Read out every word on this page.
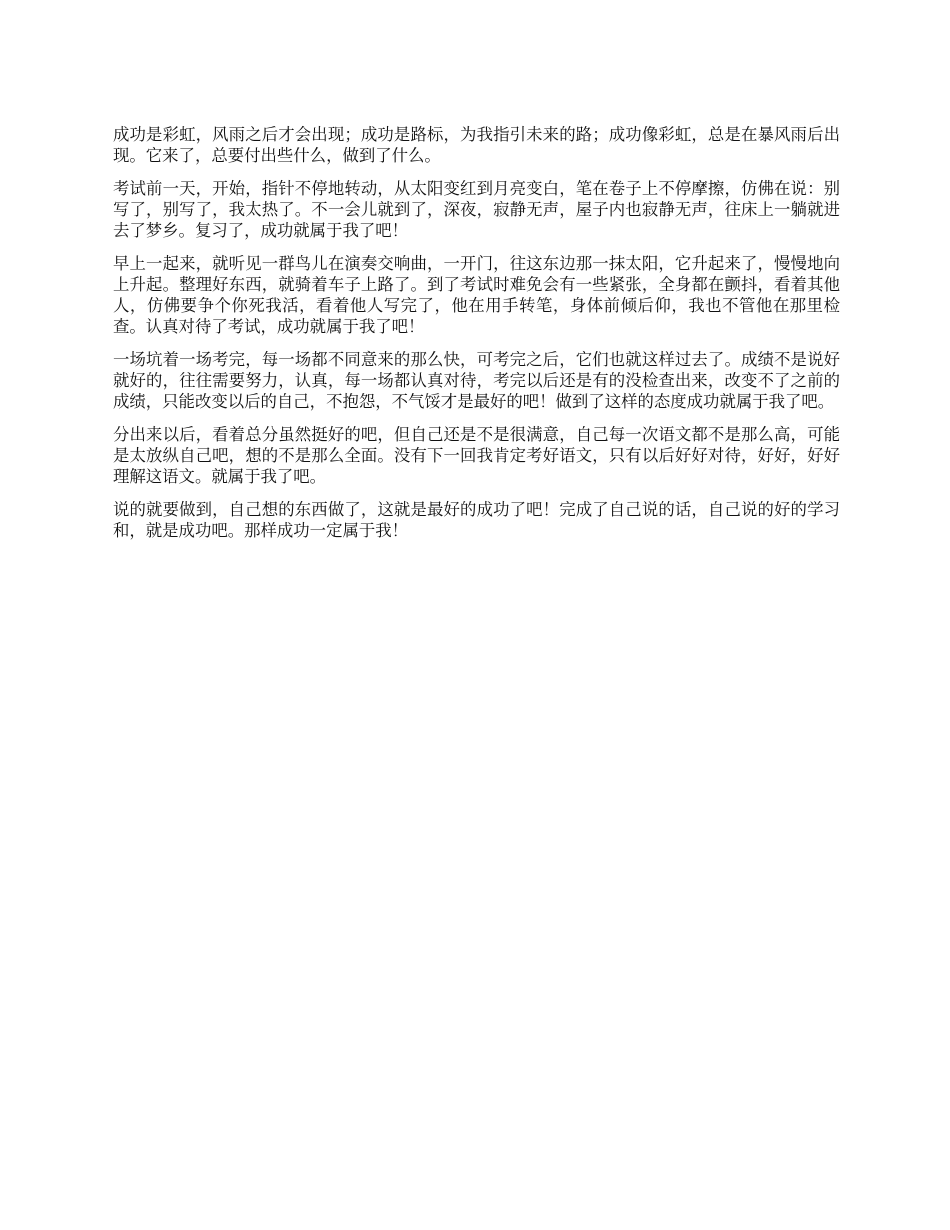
成功是彩虹，风雨之后才会出现；成功是路标，为我指引未来的路；成功像彩虹，总是在暴风雨后出现。它来了，总要付出些什么，做到了什么。

考试前一天，开始，指针不停地转动，从太阳变红到月亮变白，笔在卷子上不停摩擦，仿佛在说：别写了，别写了，我太热了。不一会儿就到了，深夜，寂静无声，屋子内也寂静无声，往床上一躺就进去了梦乡。复习了，成功就属于我了吧！

早上一起来，就听见一群鸟儿在演奏交响曲，一开门，往这东边那一抹太阳，它升起来了，慢慢地向上升起。整理好东西，就骑着车子上路了。到了考试时难免会有一些紧张，全身都在颤抖，看着其他人，仿佛要争个你死我活，看着他人写完了，他在用手转笔，身体前倾后仰，我也不管他在那里检查。认真对待了考试，成功就属于我了吧！

一场坑着一场考完，每一场都不同意来的那么快，可考完之后，它们也就这样过去了。成绩不是说好就好的，往往需要努力，认真，每一场都认真对待，考完以后还是有的没检查出来，改变不了之前的成绩，只能改变以后的自己，不抱怨，不气馁才是最好的吧！做到了这样的态度成功就属于我了吧。

分出来以后，看着总分虽然挺好的吧，但自己还是不是很满意，自己每一次语文都不是那么高，可能是太放纵自己吧，想的不是那么全面。没有下一回我肯定考好语文，只有以后好好对待，好好，好好理解这语文。就属于我了吧。

说的就要做到，自己想的东西做了，这就是最好的成功了吧！完成了自己说的话，自己说的好的学习和，就是成功吧。那样成功一定属于我！
